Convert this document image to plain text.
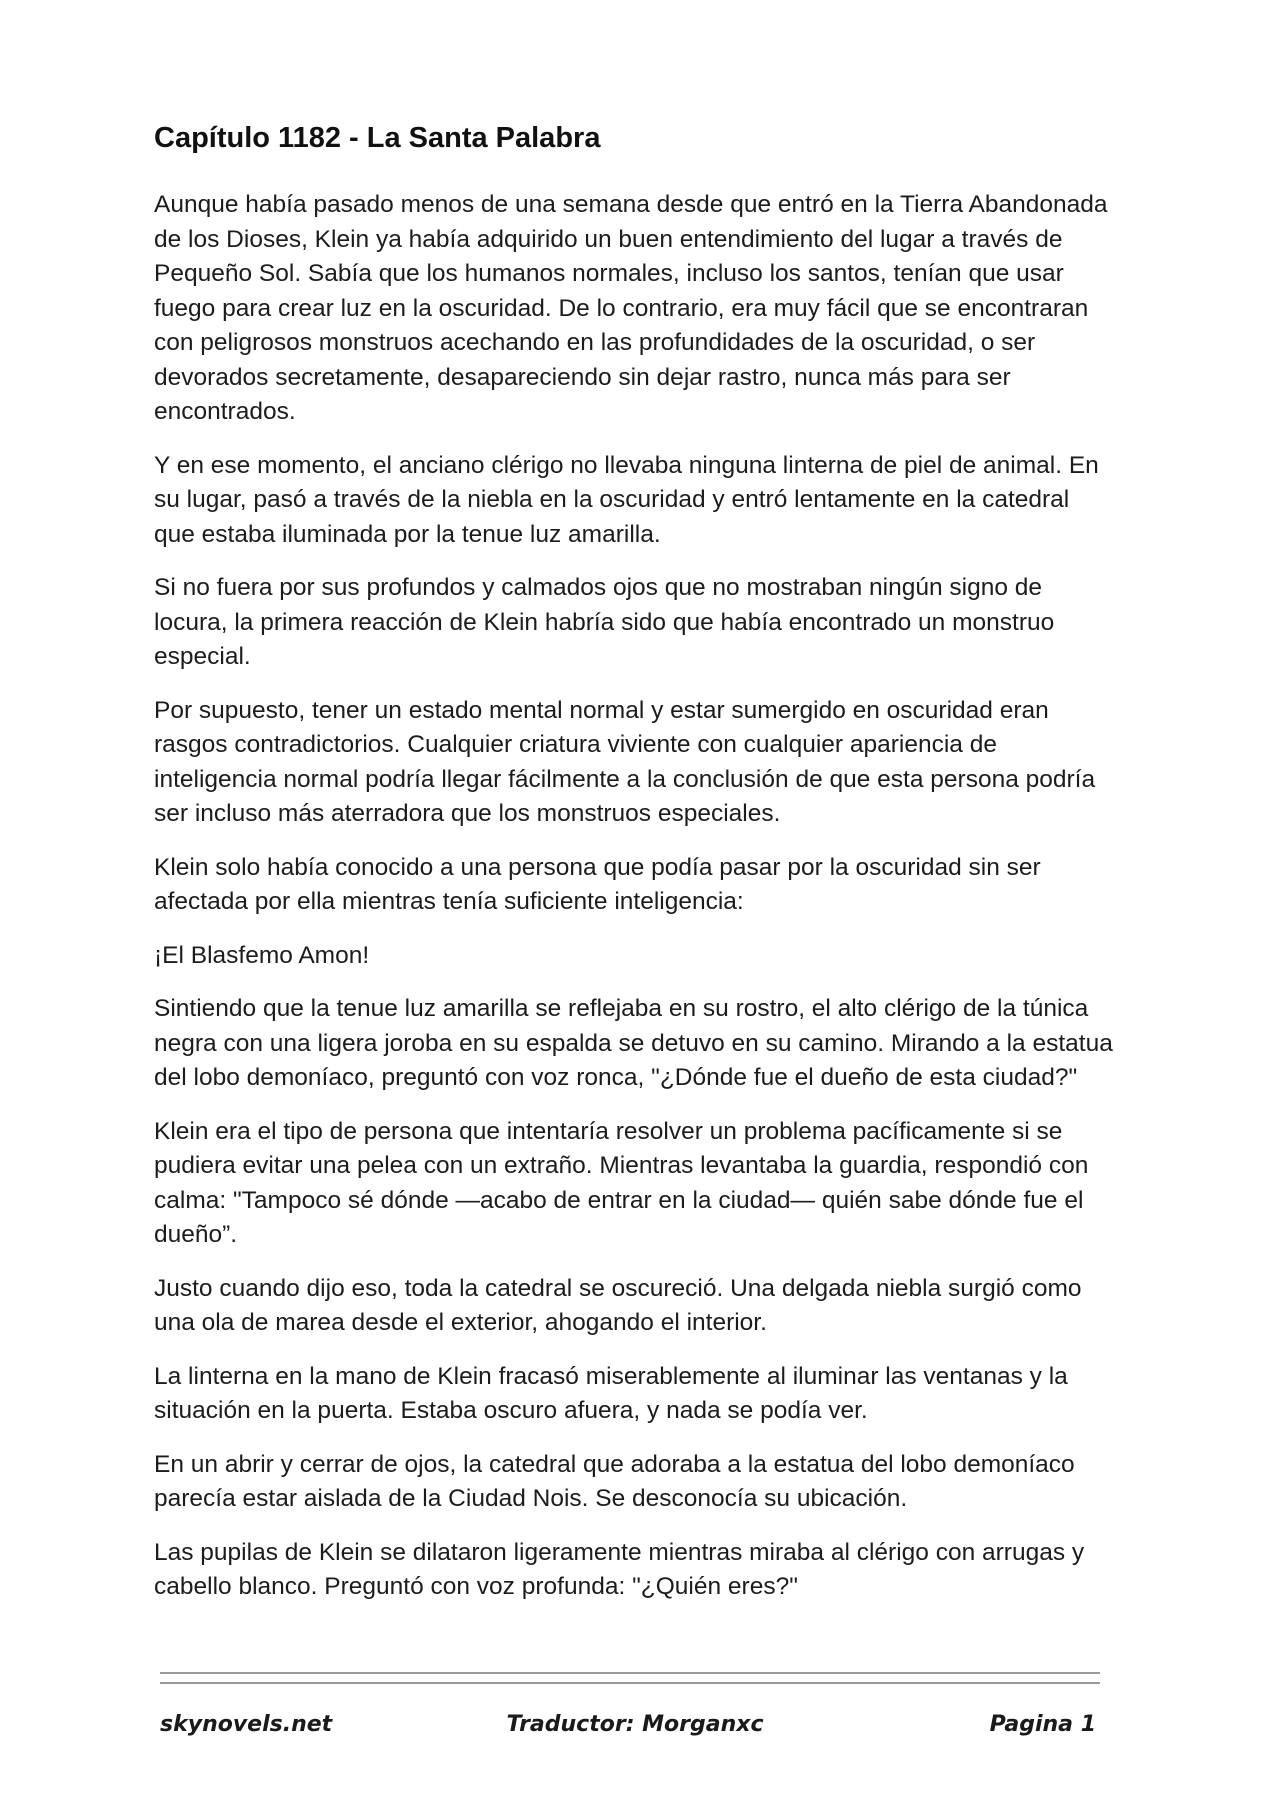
Capítulo 1182 - La Santa Palabra

Aunque había pasado menos de una semana desde que entró en la Tierra Abandonada de los Dioses, Klein ya había adquirido un buen entendimiento del lugar a través de Pequeño Sol. Sabía que los humanos normales, incluso los santos, tenían que usar fuego para crear luz en la oscuridad. De lo contrario, era muy fácil que se encontraran con peligrosos monstruos acechando en las profundidades de la oscuridad, o ser devorados secretamente, desapareciendo sin dejar rastro, nunca más para ser encontrados.

Y en ese momento, el anciano clérigo no llevaba ninguna linterna de piel de animal. En su lugar, pasó a través de la niebla en la oscuridad y entró lentamente en la catedral que estaba iluminada por la tenue luz amarilla.

Si no fuera por sus profundos y calmados ojos que no mostraban ningún signo de locura, la primera reacción de Klein habría sido que había encontrado un monstruo especial.

Por supuesto, tener un estado mental normal y estar sumergido en oscuridad eran rasgos contradictorios. Cualquier criatura viviente con cualquier apariencia de inteligencia normal podría llegar fácilmente a la conclusión de que esta persona podría ser incluso más aterradora que los monstruos especiales.

Klein solo había conocido a una persona que podía pasar por la oscuridad sin ser afectada por ella mientras tenía suficiente inteligencia:

¡El Blasfemo Amon!

Sintiendo que la tenue luz amarilla se reflejaba en su rostro, el alto clérigo de la túnica negra con una ligera joroba en su espalda se detuvo en su camino. Mirando a la estatua del lobo demoníaco, preguntó con voz ronca, "¿Dónde fue el dueño de esta ciudad?"

Klein era el tipo de persona que intentaría resolver un problema pacíficamente si se pudiera evitar una pelea con un extraño. Mientras levantaba la guardia, respondió con calma: "Tampoco sé dónde —acabo de entrar en la ciudad— quién sabe dónde fue el dueño”.

Justo cuando dijo eso, toda la catedral se oscureció. Una delgada niebla surgió como una ola de marea desde el exterior, ahogando el interior.

La linterna en la mano de Klein fracasó miserablemente al iluminar las ventanas y la situación en la puerta. Estaba oscuro afuera, y nada se podía ver.

En un abrir y cerrar de ojos, la catedral que adoraba a la estatua del lobo demoníaco parecía estar aislada de la Ciudad Nois. Se desconocía su ubicación.

Las pupilas de Klein se dilataron ligeramente mientras miraba al clérigo con arrugas y cabello blanco. Preguntó con voz profunda: "¿Quién eres?"

skynovels.net	Traductor: Morganxc	Pagina 1
